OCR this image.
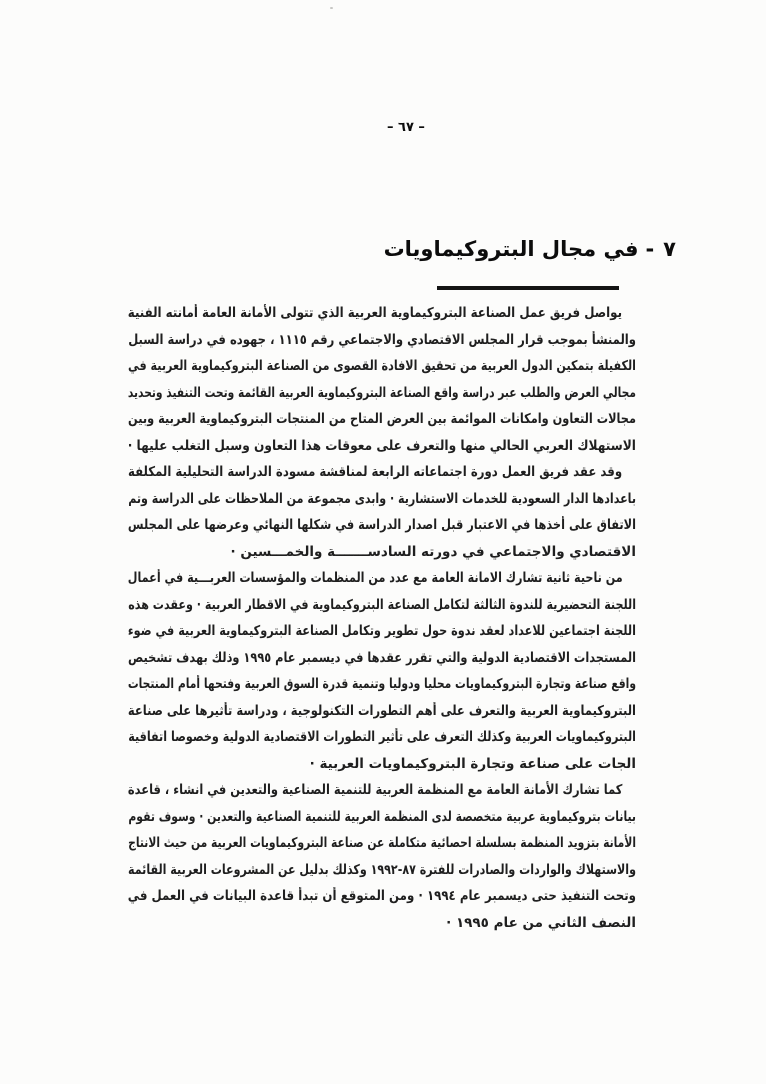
– ٦٧ –
٧
-
في مجال البتروكيماويات
يواصل فريق عمل الصناعة البتروكيماوية العربية الذي تتولى الأمانة العامة أمانته الفنية
والمنشأ بموجب قرار المجلس الاقتصادي والاجتماعي رقم ١١١٥ ، جهوده في دراسة السبل
الكفيلة بتمكين الدول العربية من تحقيق الافادة القصوى من الصناعة البتروكيماوية العربية في
مجالي العرض والطلب عبر دراسة واقع الصناعة البتروكيماوية العربية القائمة وتحت التنفيذ وتحديد
مجالات التعاون وامكانات الموائمة بين العرض المتاح من المنتجات البتروكيماوية العربية وبين
الاستهلاك العربي الحالي منها والتعرف على معوقات هذا التعاون وسبل التغلب عليها ·
وقد عقد فريق العمل دورة اجتماعاته الرابعة لمناقشة مسودة الدراسة التحليلية المكلفة
باعدادها الدار السعودية للخدمات الاستشارية · وابدى مجموعة من الملاحظات على الدراسة وتم
الاتفاق على أخذها في الاعتبار قبل اصدار الدراسة في شكلها النهائي وعرضها على المجلس
الاقتصادي والاجتماعي في دورته السادســـــــة والخمـــسين ·
من ناحية ثانية تشارك الامانة العامة مع عدد من المنظمات والمؤسسات العربـــية في أعمال
اللجنة التحضيرية للندوة الثالثة لتكامل الصناعة البتروكيماوية في الاقطار العربية · وعقدت هذه
اللجنة اجتماعين للاعداد لعقد ندوة حول تطوير وتكامل الصناعة البتروكيماوية العربية في ضوء
المستجدات الاقتصادية الدولية والتي تقرر عقدها في ديسمبر عام ١٩٩٥ وذلك بهدف تشخيص
واقع صناعة وتجارة البتروكيماويات محليا ودوليا وتنمية قدرة السوق العربية وفتحها أمام المنتجات
البتروكيماوية العربية والتعرف على أهم التطورات التكنولوجية ، ودراسة تأثيرها على صناعة
البتروكيماويات العربية وكذلك التعرف على تأثير التطورات الاقتصادية الدولية وخصوصا اتفاقية
الجات على صناعة وتجارة البتروكيماويات العربية ·
كما تشارك الأمانة العامة مع المنظمة العربية للتنمية الصناعية والتعدين في انشاء ، قاعدة
بيانات بتروكيماوية عربية متخصصة لدى المنظمة العربية للتنمية الصناعية والتعدين · وسوف تقوم
الأمانة بتزويد المنظمة بسلسلة احصائية متكاملة عن صناعة البتروكيماويات العربية من حيث الانتاج
والاستهلاك والواردات والصادرات للفترة ٨٧-١٩٩٢ وكذلك بدليل عن المشروعات العربية القائمة
وتحت التنفيذ حتى ديسمبر عام ١٩٩٤ · ومن المتوقع أن تبدأ قاعدة البيانات في العمل في
النصف الثاني من عام ١٩٩٥ ·
